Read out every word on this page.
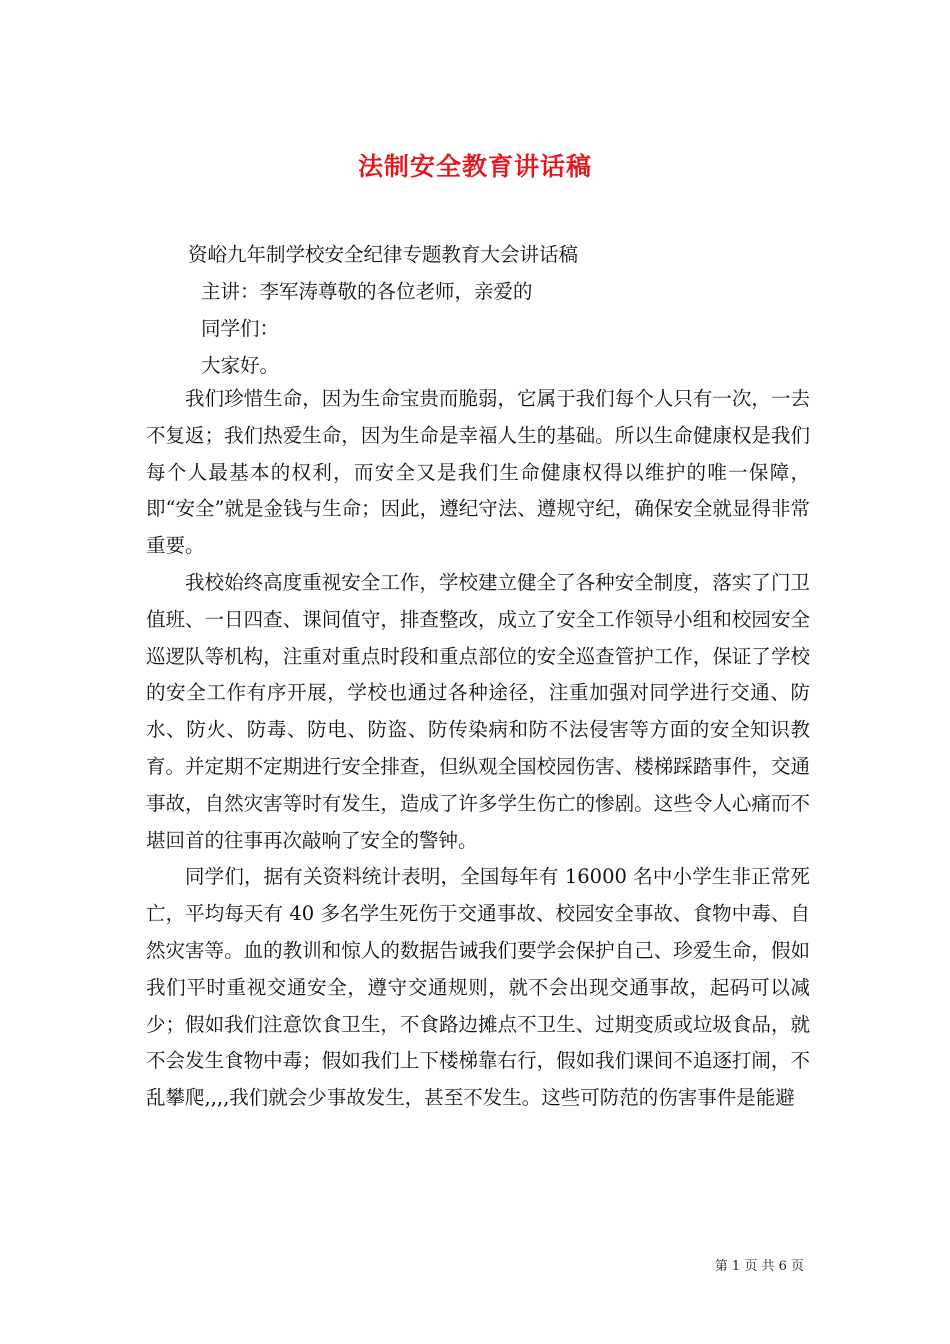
法制安全教育讲话稿

资峪九年制学校安全纪律专题教育大会讲话稿

主讲：李军涛尊敬的各位老师，亲爱的

同学们：

大家好。

我们珍惜生命，因为生命宝贵而脆弱，它属于我们每个人只有一次，一去不复返；我们热爱生命，因为生命是幸福人生的基础。所以生命健康权是我们每个人最基本的权利，而安全又是我们生命健康权得以维护的唯一保障，即“安全”就是金钱与生命；因此，遵纪守法、遵规守纪，确保安全就显得非常重要。

我校始终高度重视安全工作，学校建立健全了各种安全制度，落实了门卫值班、一日四查、课间值守，排查整改，成立了安全工作领导小组和校园安全巡逻队等机构，注重对重点时段和重点部位的安全巡查管护工作，保证了学校的安全工作有序开展，学校也通过各种途径，注重加强对同学进行交通、防水、防火、防毒、防电、防盗、防传染病和防不法侵害等方面的安全知识教育。并定期不定期进行安全排查，但纵观全国校园伤害、楼梯踩踏事件，交通事故，自然灾害等时有发生，造成了许多学生伤亡的惨剧。这些令人心痛而不堪回首的往事再次敲响了安全的警钟。

同学们，据有关资料统计表明，全国每年有 16000 名中小学生非正常死亡，平均每天有 40 多名学生死伤于交通事故、校园安全事故、食物中毒、自然灾害等。血的教训和惊人的数据告诫我们要学会保护自己、珍爱生命，假如我们平时重视交通安全，遵守交通规则，就不会出现交通事故，起码可以减少；假如我们注意饮食卫生，不食路边摊点不卫生、过期变质或垃圾食品，就不会发生食物中毒；假如我们上下楼梯靠右行，假如我们课间不追逐打闹，不乱攀爬,,,,我们就会少事故发生，甚至不发生。这些可防范的伤害事件是能避

第 1 页 共 6 页
